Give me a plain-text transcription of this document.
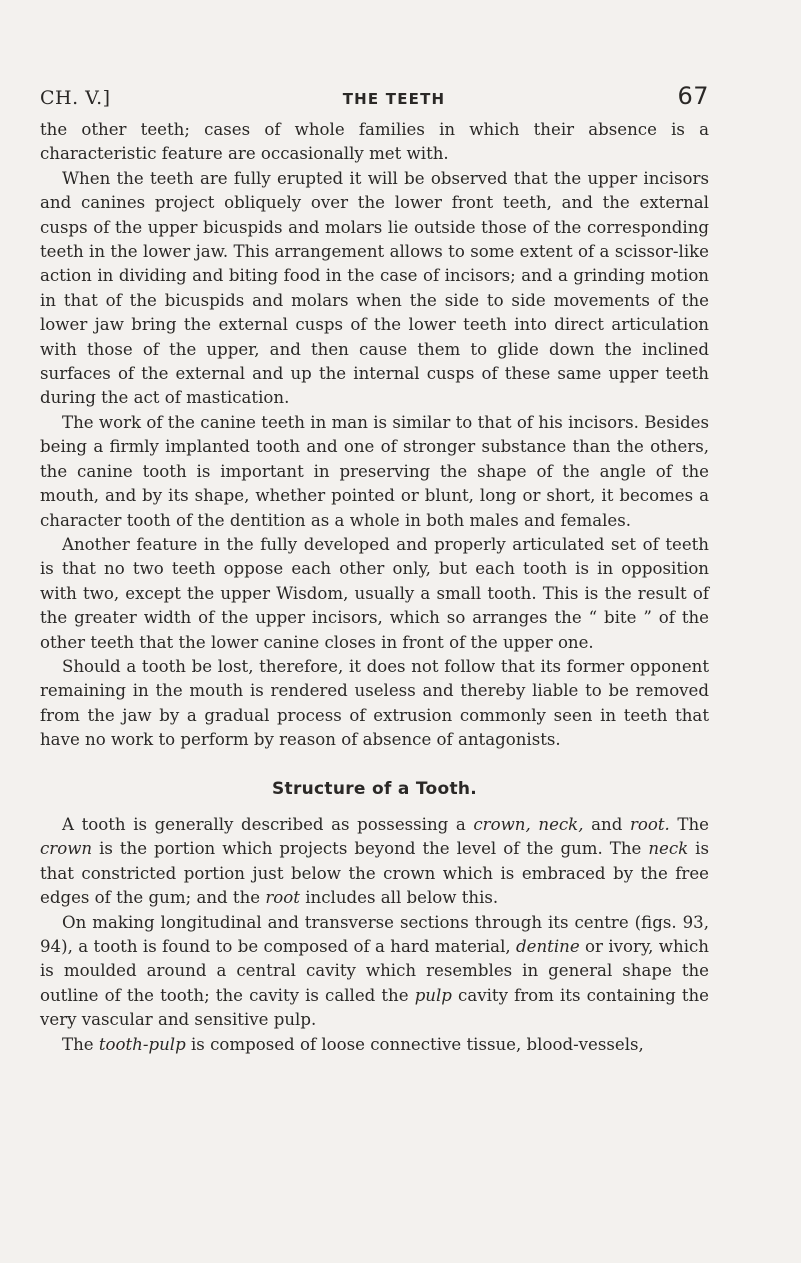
CH. V.]	THE TEETH	67

the other teeth; cases of whole families in which their absence is a characteristic feature are occasionally met with.

When the teeth are fully erupted it will be observed that the upper incisors and canines project obliquely over the lower front teeth, and the external cusps of the upper bicuspids and molars lie outside those of the corresponding teeth in the lower jaw. This arrangement allows to some extent of a scissor-like action in dividing and biting food in the case of incisors; and a grinding motion in that of the bicuspids and molars when the side to side movements of the lower jaw bring the external cusps of the lower teeth into direct articulation with those of the upper, and then cause them to glide down the inclined surfaces of the external and up the internal cusps of these same upper teeth during the act of mastication.

The work of the canine teeth in man is similar to that of his incisors. Besides being a firmly implanted tooth and one of stronger substance than the others, the canine tooth is important in preserving the shape of the angle of the mouth, and by its shape, whether pointed or blunt, long or short, it becomes a character tooth of the dentition as a whole in both males and females.

Another feature in the fully developed and properly articulated set of teeth is that no two teeth oppose each other only, but each tooth is in opposition with two, except the upper Wisdom, usually a small tooth. This is the result of the greater width of the upper incisors, which so arranges the “ bite ” of the other teeth that the lower canine closes in front of the upper one.

Should a tooth be lost, therefore, it does not follow that its former opponent remaining in the mouth is rendered useless and thereby liable to be removed from the jaw by a gradual process of extrusion commonly seen in teeth that have no work to perform by reason of absence of antagonists.

Structure of a Tooth.

A tooth is generally described as possessing a crown, neck, and root. The crown is the portion which projects beyond the level of the gum. The neck is that constricted portion just below the crown which is embraced by the free edges of the gum; and the root includes all below this.

On making longitudinal and transverse sections through its centre (figs. 93, 94), a tooth is found to be composed of a hard material, dentine or ivory, which is moulded around a central cavity which resembles in general shape the outline of the tooth; the cavity is called the pulp cavity from its containing the very vascular and sensitive pulp.

The tooth-pulp is composed of loose connective tissue, blood-vessels,
